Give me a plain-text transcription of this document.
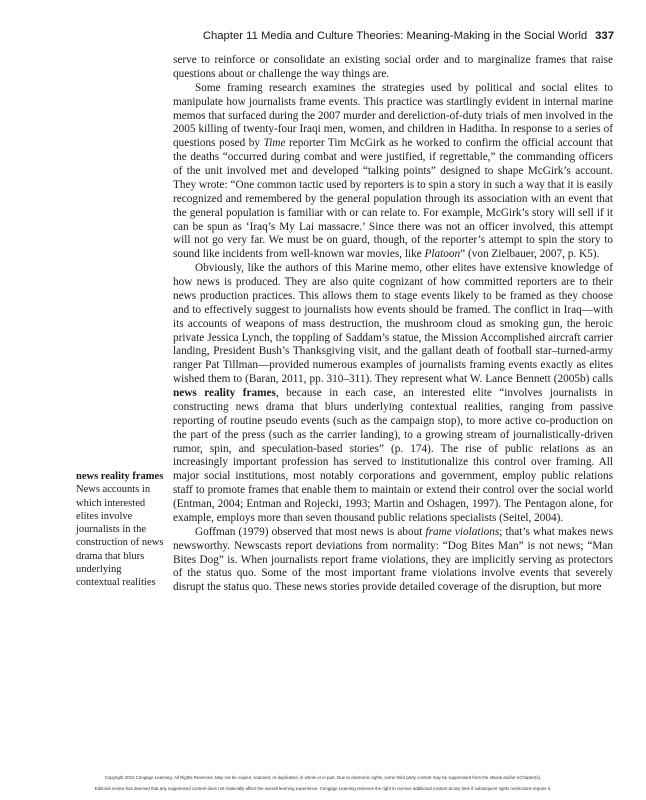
Chapter 11 Media and Culture Theories: Meaning-Making in the Social World 337

news reality frames

News accounts in which interested elites involve journalists in the construction of news drama that blurs underlying contextual realities

serve to reinforce or consolidate an existing social order and to marginalize frames that raise questions about or challenge the way things are.

Some framing research examines the strategies used by political and social elites to manipulate how journalists frame events. This practice was startlingly evident in internal marine memos that surfaced during the 2007 murder and dereliction-of-duty trials of men involved in the 2005 killing of twenty-four Iraqi men, women, and children in Haditha. In response to a series of questions posed by Time reporter Tim McGirk as he worked to confirm the official account that the deaths “occurred during combat and were justified, if regrettable,” the commanding officers of the unit involved met and developed “talking points” designed to shape McGirk’s account. They wrote: “One common tactic used by reporters is to spin a story in such a way that it is easily recognized and remembered by the general population through its association with an event that the general population is familiar with or can relate to. For example, McGirk’s story will sell if it can be spun as ‘Iraq’s My Lai massacre.’ Since there was not an officer involved, this attempt will not go very far. We must be on guard, though, of the reporter’s attempt to spin the story to sound like incidents from well-known war movies, like Platoon” (von Zielbauer, 2007, p. K5).

Obviously, like the authors of this Marine memo, other elites have extensive knowledge of how news is produced. They are also quite cognizant of how committed reporters are to their news production practices. This allows them to stage events likely to be framed as they choose and to effectively suggest to journalists how events should be framed. The conflict in Iraq—with its accounts of weapons of mass destruction, the mushroom cloud as smoking gun, the heroic private Jessica Lynch, the toppling of Saddam’s statue, the Mission Accomplished aircraft carrier landing, President Bush’s Thanksgiving visit, and the gallant death of football star–turned-army ranger Pat Tillman—provided numerous examples of journalists framing events exactly as elites wished them to (Baran, 2011, pp. 310–311). They represent what W. Lance Bennett (2005b) calls news reality frames, because in each case, an interested elite “involves journalists in constructing news drama that blurs underlying contextual realities, ranging from passive reporting of routine pseudo events (such as the campaign stop), to more active co-production on the part of the press (such as the carrier landing), to a growing stream of journalistically-driven rumor, spin, and speculation-based stories” (p. 174). The rise of public relations as an increasingly important profession has served to institutionalize this control over framing. All major social institutions, most notably corporations and government, employ public relations staff to promote frames that enable them to maintain or extend their control over the social world (Entman, 2004; Entman and Rojecki, 1993; Martin and Oshagen, 1997). The Pentagon alone, for example, employs more than seven thousand public relations specialists (Seitel, 2004).

Goffman (1979) observed that most news is about frame violations; that’s what makes news newsworthy. Newscasts report deviations from normality: “Dog Bites Man” is not news; “Man Bites Dog” is. When journalists report frame violations, they are implicitly serving as protectors of the status quo. Some of the most important frame violations involve events that severely disrupt the status quo. These news stories provide detailed coverage of the disruption, but more

Copyright 2010 Cengage Learning. All Rights Reserved. May not be copied, scanned, or duplicated, in whole or in part. Due to electronic rights, some third party content may be suppressed from the eBook and/or eChapter(s).
Editorial review has deemed that any suppressed content does not materially affect the overall learning experience. Cengage Learning reserves the right to remove additional content at any time if subsequent rights restrictions require it.
